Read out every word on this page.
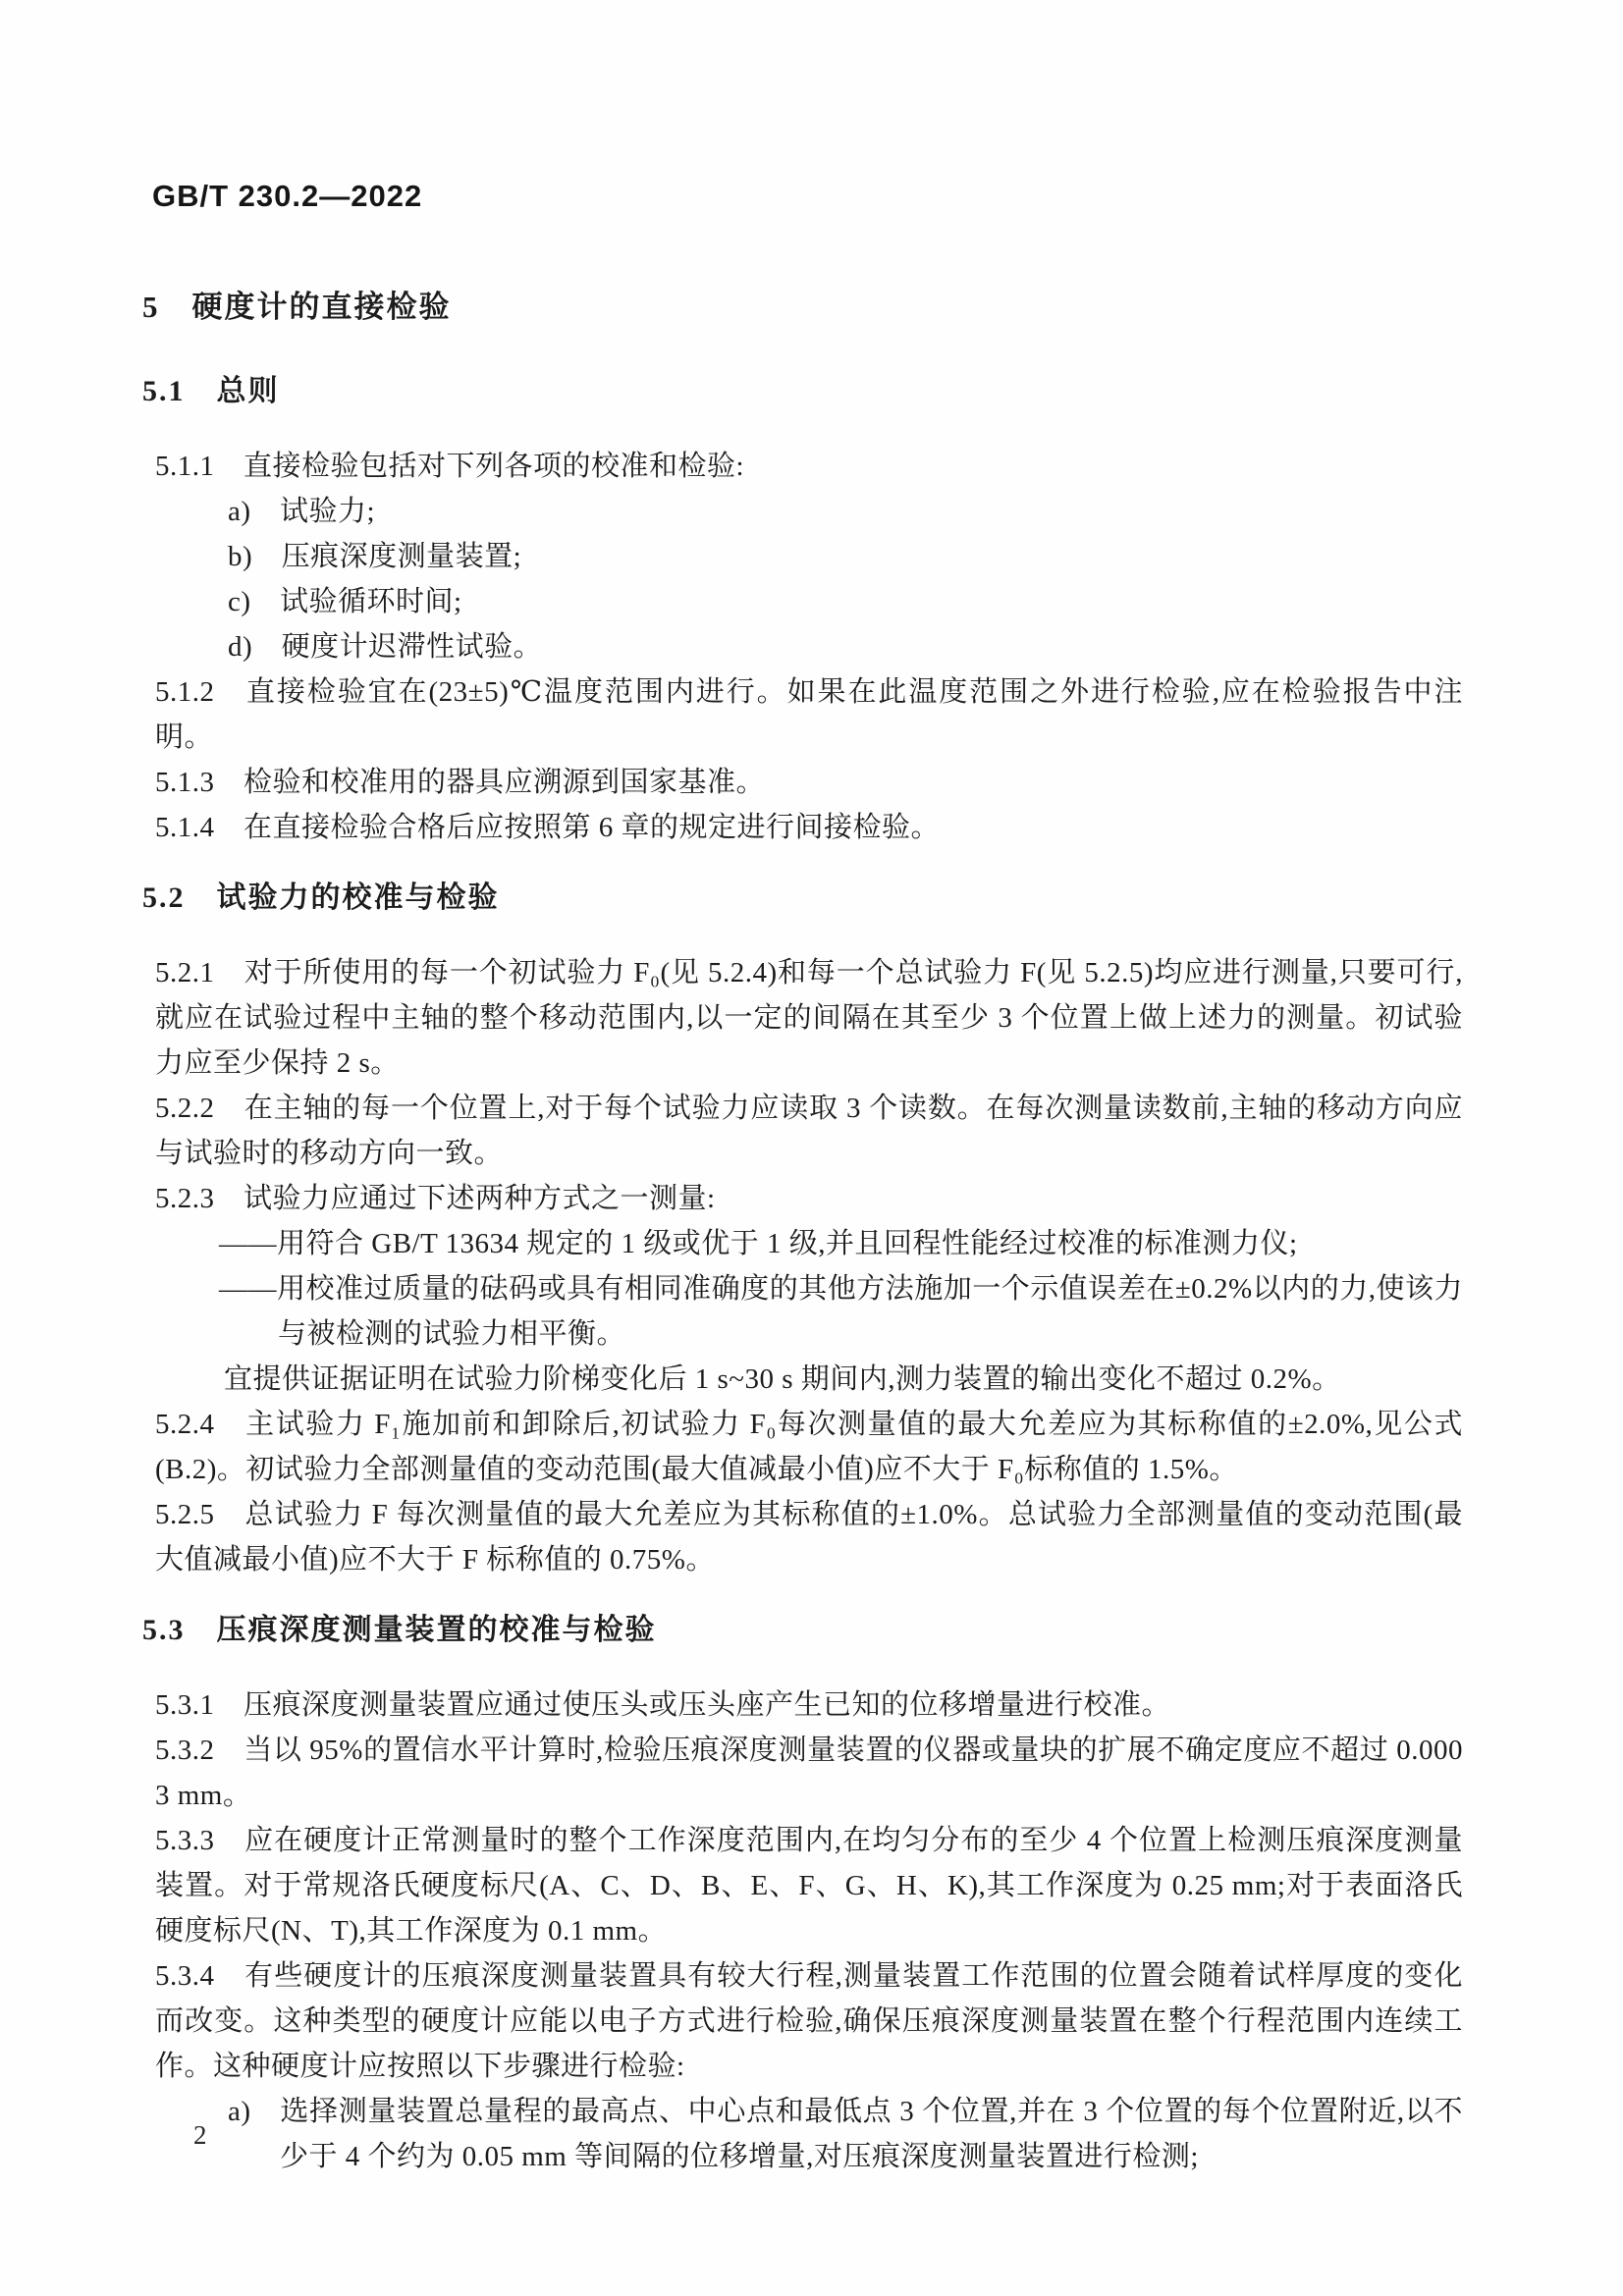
GB/T 230.2—2022
5　硬度计的直接检验
5.1　总则

5.1.1　直接检验包括对下列各项的校准和检验:

a)　试验力;

b)　压痕深度测量装置;

c)　试验循环时间;

d)　硬度计迟滞性试验。

5.1.2　直接检验宜在(23±5)℃温度范围内进行。如果在此温度范围之外进行检验,应在检验报告中注明。

5.1.3　检验和校准用的器具应溯源到国家基准。

5.1.4　在直接检验合格后应按照第 6 章的规定进行间接检验。

5.2　试验力的校准与检验

5.2.1　对于所使用的每一个初试验力 F₀(见 5.2.4)和每一个总试验力 F(见 5.2.5)均应进行测量,只要可行,就应在试验过程中主轴的整个移动范围内,以一定的间隔在其至少 3 个位置上做上述力的测量。初试验力应至少保持 2 s。

5.2.2　在主轴的每一个位置上,对于每个试验力应读取 3 个读数。在每次测量读数前,主轴的移动方向应与试验时的移动方向一致。

5.2.3　试验力应通过下述两种方式之一测量:

——用符合 GB/T 13634 规定的 1 级或优于 1 级,并且回程性能经过校准的标准测力仪;

——用校准过质量的砝码或具有相同准确度的其他方法施加一个示值误差在±0.2%以内的力,使该力与被检测的试验力相平衡。

宜提供证据证明在试验力阶梯变化后 1 s~30 s 期间内,测力装置的输出变化不超过 0.2%。

5.2.4　主试验力 F₁施加前和卸除后,初试验力 F₀每次测量值的最大允差应为其标称值的±2.0%,见公式(B.2)。初试验力全部测量值的变动范围(最大值减最小值)应不大于 F₀标称值的 1.5%。

5.2.5　总试验力 F 每次测量值的最大允差应为其标称值的±1.0%。总试验力全部测量值的变动范围(最大值减最小值)应不大于 F 标称值的 0.75%。

5.3　压痕深度测量装置的校准与检验

5.3.1　压痕深度测量装置应通过使压头或压头座产生已知的位移增量进行校准。

5.3.2　当以 95%的置信水平计算时,检验压痕深度测量装置的仪器或量块的扩展不确定度应不超过 0.000 3 mm。

5.3.3　应在硬度计正常测量时的整个工作深度范围内,在均匀分布的至少 4 个位置上检测压痕深度测量装置。对于常规洛氏硬度标尺(A、C、D、B、E、F、G、H、K),其工作深度为 0.25 mm;对于表面洛氏硬度标尺(N、T),其工作深度为 0.1 mm。

5.3.4　有些硬度计的压痕深度测量装置具有较大行程,测量装置工作范围的位置会随着试样厚度的变化而改变。这种类型的硬度计应能以电子方式进行检验,确保压痕深度测量装置在整个行程范围内连续工作。这种硬度计应按照以下步骤进行检验:

a)　选择测量装置总量程的最高点、中心点和最低点 3 个位置,并在 3 个位置的每个位置附近,以不少于 4 个约为 0.05 mm 等间隔的位移增量,对压痕深度测量装置进行检测;

2
